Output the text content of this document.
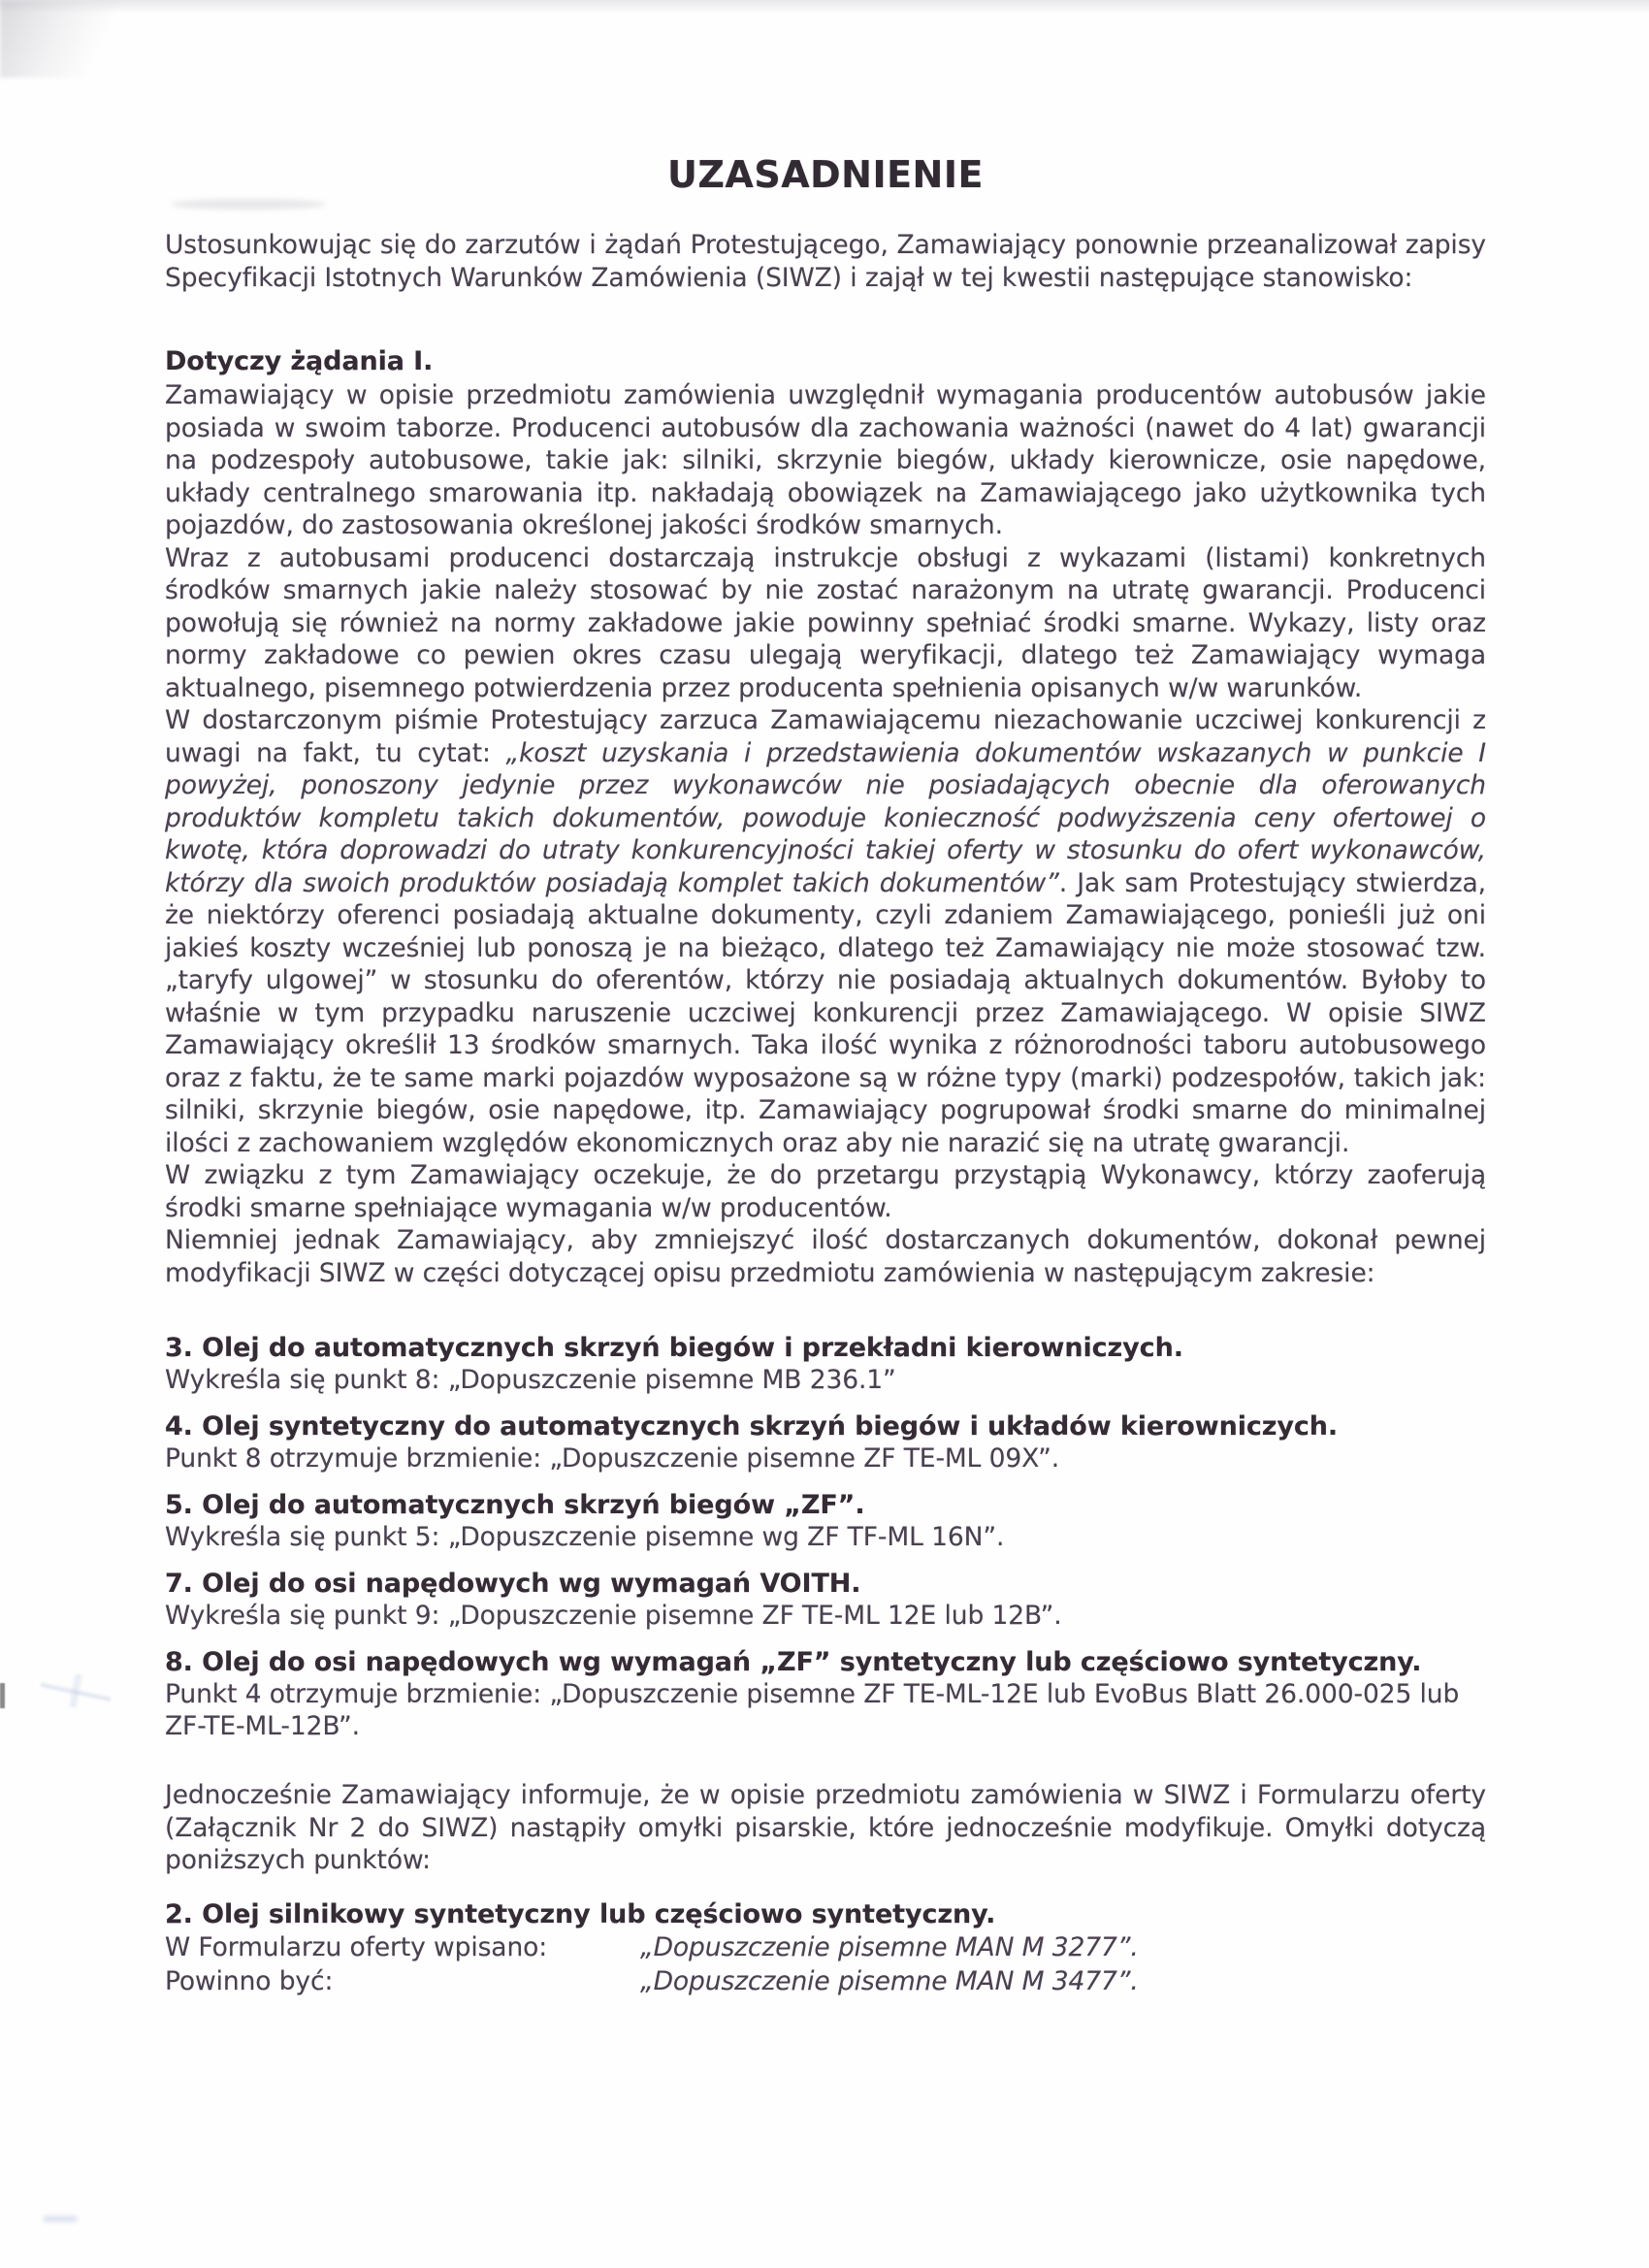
UZASADNIENIE

Ustosunkowując się do zarzutów i żądań Protestującego, Zamawiający ponownie przeanalizował zapisy Specyfikacji Istotnych Warunków Zamówienia (SIWZ) i zajął w tej kwestii następujące stanowisko:

Dotyczy żądania I.

Zamawiający w opisie przedmiotu zamówienia uwzględnił wymagania producentów autobusów jakie posiada w swoim taborze. Producenci autobusów dla zachowania ważności (nawet do 4 lat) gwarancji na podzespoły autobusowe, takie jak: silniki, skrzynie biegów, układy kierownicze, osie napędowe, układy centralnego smarowania itp. nakładają obowiązek na Zamawiającego jako użytkownika tych pojazdów, do zastosowania określonej jakości środków smarnych.

Wraz z autobusami producenci dostarczają instrukcje obsługi z wykazami (listami) konkretnych środków smarnych jakie należy stosować by nie zostać narażonym na utratę gwarancji. Producenci powołują się również na normy zakładowe jakie powinny spełniać środki smarne. Wykazy, listy oraz normy zakładowe co pewien okres czasu ulegają weryfikacji, dlatego też Zamawiający wymaga aktualnego, pisemnego potwierdzenia przez producenta spełnienia opisanych w/w warunków.

W dostarczonym piśmie Protestujący zarzuca Zamawiającemu niezachowanie uczciwej konkurencji z uwagi na fakt, tu cytat: „koszt uzyskania i przedstawienia dokumentów wskazanych w punkcie I powyżej, ponoszony jedynie przez wykonawców nie posiadających obecnie dla oferowanych produktów kompletu takich dokumentów, powoduje konieczność podwyższenia ceny ofertowej o kwotę, która doprowadzi do utraty konkurencyjności takiej oferty w stosunku do ofert wykonawców, którzy dla swoich produktów posiadają komplet takich dokumentów”. Jak sam Protestujący stwierdza, że niektórzy oferenci posiadają aktualne dokumenty, czyli zdaniem Zamawiającego, ponieśli już oni jakieś koszty wcześniej lub ponoszą je na bieżąco, dlatego też Zamawiający nie może stosować tzw. „taryfy ulgowej” w stosunku do oferentów, którzy nie posiadają aktualnych dokumentów. Byłoby to właśnie w tym przypadku naruszenie uczciwej konkurencji przez Zamawiającego. W opisie SIWZ Zamawiający określił 13 środków smarnych. Taka ilość wynika z różnorodności taboru autobusowego oraz z faktu, że te same marki pojazdów wyposażone są w różne typy (marki) podzespołów, takich jak: silniki, skrzynie biegów, osie napędowe, itp. Zamawiający pogrupował środki smarne do minimalnej ilości z zachowaniem względów ekonomicznych oraz aby nie narazić się na utratę gwarancji.

W związku z tym Zamawiający oczekuje, że do przetargu przystąpią Wykonawcy, którzy zaoferują środki smarne spełniające wymagania w/w producentów.

Niemniej jednak Zamawiający, aby zmniejszyć ilość dostarczanych dokumentów, dokonał pewnej modyfikacji SIWZ w części dotyczącej opisu przedmiotu zamówienia w następującym zakresie:

3. Olej do automatycznych skrzyń biegów i przekładni kierowniczych.
Wykreśla się punkt 8: „Dopuszczenie pisemne MB 236.1”
4. Olej syntetyczny do automatycznych skrzyń biegów i układów kierowniczych.
Punkt 8 otrzymuje brzmienie: „Dopuszczenie pisemne ZF TE-ML 09X”.
5. Olej do automatycznych skrzyń biegów „ZF”.
Wykreśla się punkt 5: „Dopuszczenie pisemne wg ZF TF-ML 16N”.
7. Olej do osi napędowych wg wymagań VOITH.
Wykreśla się punkt 9: „Dopuszczenie pisemne ZF TE-ML 12E lub 12B”.
8. Olej do osi napędowych wg wymagań „ZF” syntetyczny lub częściowo syntetyczny.
Punkt 4 otrzymuje brzmienie: „Dopuszczenie pisemne ZF TE-ML-12E lub EvoBus Blatt 26.000-025 lub ZF-TE-ML-12B”.

Jednocześnie Zamawiający informuje, że w opisie przedmiotu zamówienia w SIWZ i Formularzu oferty (Załącznik Nr 2 do SIWZ) nastąpiły omyłki pisarskie, które jednocześnie modyfikuje. Omyłki dotyczą poniższych punktów:

2. Olej silnikowy syntetyczny lub częściowo syntetyczny.
W Formularzu oferty wpisano:	„Dopuszczenie pisemne MAN M 3277”.
Powinno być:	„Dopuszczenie pisemne MAN M 3477”.
